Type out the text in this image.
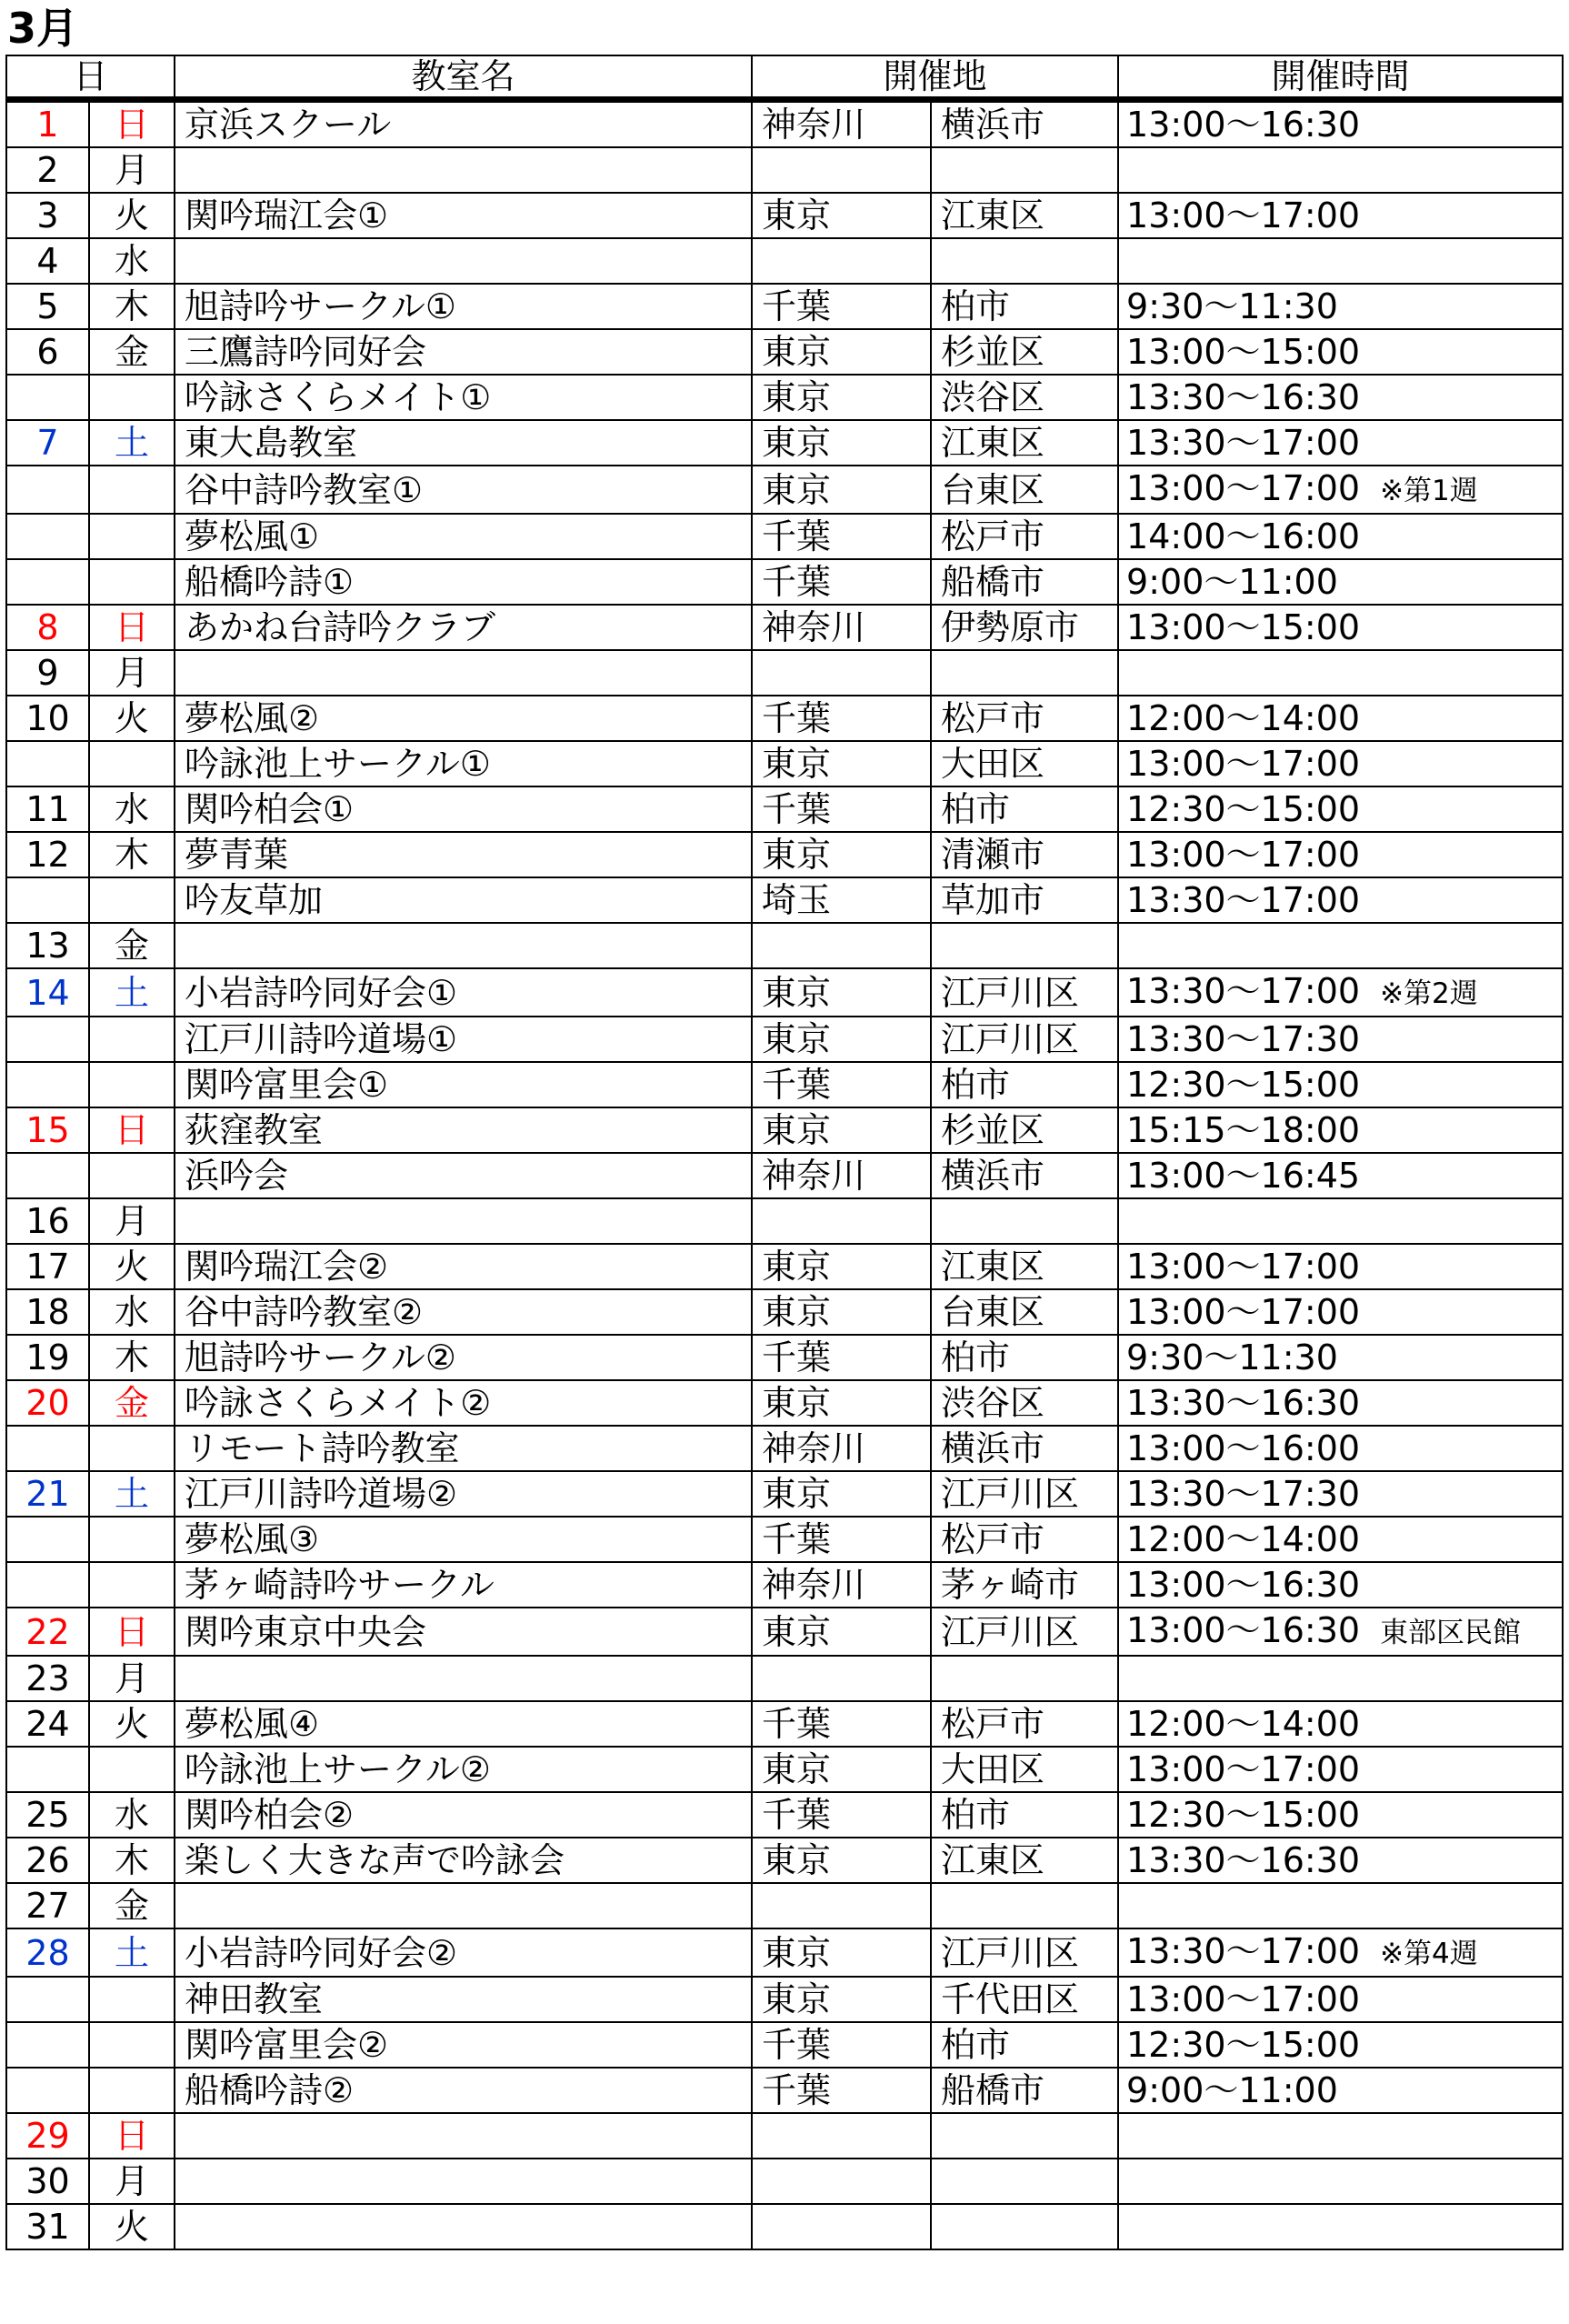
3月
日		教室名	開催地		開催時間
1	日	京浜スクール	神奈川	横浜市	13:00～16:30
2	月				
3	火	関吟瑞江会①	東京	江東区	13:00～17:00
4	水				
5	木	旭詩吟サークル①	千葉	柏市	9:30～11:30
6	金	三鷹詩吟同好会	東京	杉並区	13:00～15:00
		吟詠さくらメイト①	東京	渋谷区	13:30～16:30
7	土	東大島教室	東京	江東区	13:30～17:00
		谷中詩吟教室①	東京	台東区	13:00～17:00 ※第1週
		夢松風①	千葉	松戸市	14:00～16:00
		船橋吟詩①	千葉	船橋市	9:00～11:00
8	日	あかね台詩吟クラブ	神奈川	伊勢原市	13:00～15:00
9	月				
10	火	夢松風②	千葉	松戸市	12:00～14:00
		吟詠池上サークル①	東京	大田区	13:00～17:00
11	水	関吟柏会①	千葉	柏市	12:30～15:00
12	木	夢青葉	東京	清瀬市	13:00～17:00
		吟友草加	埼玉	草加市	13:30～17:00
13	金				
14	土	小岩詩吟同好会①	東京	江戸川区	13:30～17:00 ※第2週
		江戸川詩吟道場①	東京	江戸川区	13:30～17:30
		関吟富里会①	千葉	柏市	12:30～15:00
15	日	荻窪教室	東京	杉並区	15:15～18:00
		浜吟会	神奈川	横浜市	13:00～16:45
16	月				
17	火	関吟瑞江会②	東京	江東区	13:00～17:00
18	水	谷中詩吟教室②	東京	台東区	13:00～17:00
19	木	旭詩吟サークル②	千葉	柏市	9:30～11:30
20	金	吟詠さくらメイト②	東京	渋谷区	13:30～16:30
		リモート詩吟教室	神奈川	横浜市	13:00～16:00
21	土	江戸川詩吟道場②	東京	江戸川区	13:30～17:30
		夢松風③	千葉	松戸市	12:00～14:00
		茅ヶ崎詩吟サークル	神奈川	茅ヶ崎市	13:00～16:30
22	日	関吟東京中央会	東京	江戸川区	13:00～16:30 東部区民館
23	月				
24	火	夢松風④	千葉	松戸市	12:00～14:00
		吟詠池上サークル②	東京	大田区	13:00～17:00
25	水	関吟柏会②	千葉	柏市	12:30～15:00
26	木	楽しく大きな声で吟詠会	東京	江東区	13:30～16:30
27	金				
28	土	小岩詩吟同好会②	東京	江戸川区	13:30～17:00 ※第4週
		神田教室	東京	千代田区	13:00～17:00
		関吟富里会②	千葉	柏市	12:30～15:00
		船橋吟詩②	千葉	船橋市	9:00～11:00
29	日				
30	月				
31	火				
